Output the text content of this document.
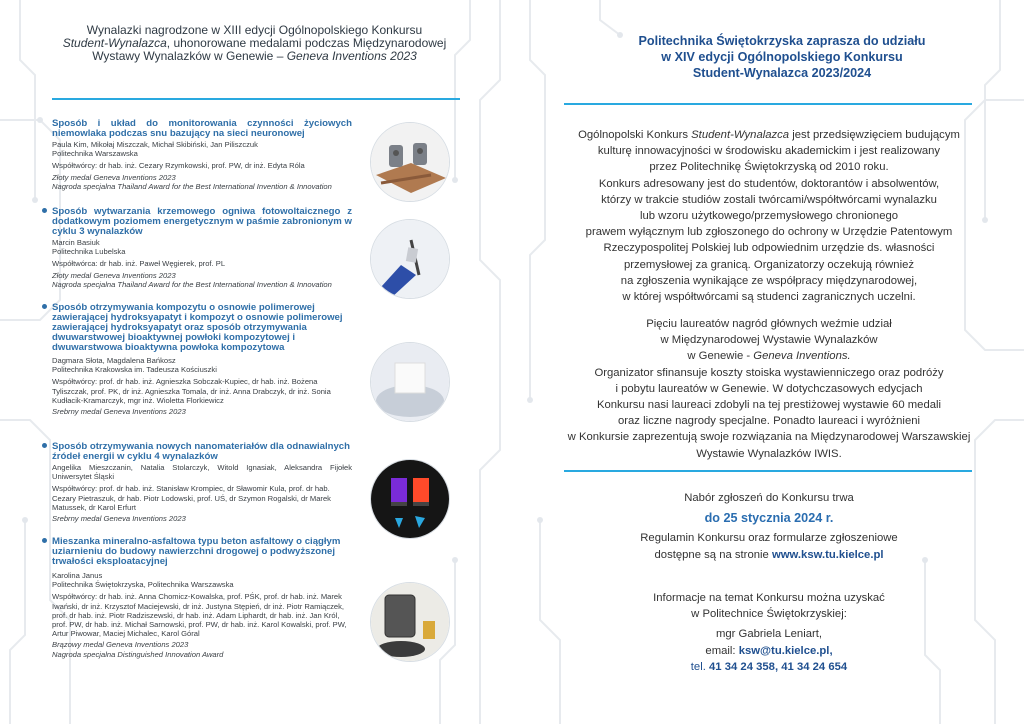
Wynalazki nagrodzone w XIII edycji Ogólnopolskiego Konkursu
Student-Wynalazca, uhonorowane medalami podczas Międzynarodowej
Wystawy Wynalazków w Genewie – Geneva Inventions 2023
Sposób i układ do monitorowania czynności życiowych niemowlaka podczas snu bazujący na sieci neuronowej
Paula Kim, Mikołaj Miszczak, Michał Skibiński, Jan Piliszczuk
Politechnika Warszawska
Współtwórcy: dr hab. inż. Cezary Rzymkowski, prof. PW, dr inż. Edyta Róla
Złoty medal Geneva Inventions 2023
Nagroda specjalna Thailand Award for the Best International Invention & Innovation
Sposób wytwarzania krzemowego ogniwa fotowoltaicznego z dodatkowym poziomem energetycznym w paśmie zabronionym w cyklu 3 wynalazków
Marcin Basiuk
Politechnika Lubelska
Współtwórca: dr hab. inż. Paweł Węgierek, prof. PL
Złoty medal Geneva Inventions 2023
Nagroda specjalna Thailand Award for the Best International Invention & Innovation
Sposób otrzymywania kompozytu o osnowie polimerowej zawierającej hydroksyapatyt i kompozyt o osnowie polimerowej zawierającej hydroksyapatyt oraz sposób otrzymywania dwuwarstwowej bioaktywnej powłoki kompozytowej i dwuwarstwowa bioaktywna powłoka kompozytowa
Dagmara Słota, Magdalena Bańkosz
Politechnika Krakowska im. Tadeusza Kościuszki
Współtwórcy: prof. dr hab. inż. Agnieszka Sobczak-Kupiec, dr hab. inż. Bożena Tyliszczak, prof. PK, dr inż. Agnieszka Tomala, dr inż. Anna Drabczyk, dr inż. Sonia Kudłacik-Kramarczyk, mgr inż. Wioletta Florkiewicz
Srebrny medal Geneva Inventions 2023
Sposób otrzymywania nowych nanomateriałów dla odnawialnych źródeł energii w cyklu 4 wynalazków
Angelika Mieszczanin, Natalia Stolarczyk, Witold Ignasiak, Aleksandra Fijołek Uniwersytet Śląski
Współtwórcy: prof. dr hab. inż. Stanisław Krompiec, dr Sławomir Kula, prof. dr hab. Cezary Pietraszuk, dr hab. Piotr Lodowski, prof. UŚ, dr Szymon Rogalski, dr Marek Matussek, dr Karol Erfurt
Srebrny medal Geneva Inventions 2023
Mieszanka mineralno-asfaltowa typu beton asfaltowy o ciągłym uziarnieniu do budowy nawierzchni drogowej o podwyższonej trwałości eksploatacyjnej
Karolina Janus
Politechnika Świętokrzyska, Politechnika Warszawska
Współtwórcy: dr hab. inż. Anna Chomicz-Kowalska, prof. PŚK, prof. dr hab. inż. Marek Iwański, dr inż. Krzysztof Maciejewski, dr inż. Justyna Stępień, dr inż. Piotr Ramiączek, prof. dr hab. inż. Piotr Radziszewski, dr hab. inż. Adam Liphardt, dr hab. inż. Jan Król, prof. PW, dr hab. inż. Michał Sarnowski, prof. PW, dr hab. inż. Karol Kowalski, prof. PW, Artur Piwowar, Maciej Michalec, Karol Góral
Brązowy medal Geneva Inventions 2023
Nagroda specjalna Distinguished Innovation Award
Politechnika Świętokrzyska zaprasza do udziału
w XIV edycji Ogólnopolskiego Konkursu
Student-Wynalazca 2023/2024
Ogólnopolski Konkurs Student-Wynalazca jest przedsięwzięciem budującym
kulturę innowacyjności w środowisku akademickim i jest realizowany
przez Politechnikę Świętokrzyską od 2010 roku.
Konkurs adresowany jest do studentów, doktorantów i absolwentów,
którzy w trakcie studiów zostali twórcami/współtwórcami wynalazku
lub wzoru użytkowego/przemysłowego chronionego
prawem wyłącznym lub zgłoszonego do ochrony w Urzędzie Patentowym
Rzeczypospolitej Polskiej lub odpowiednim urzędzie ds. własności
przemysłowej za granicą. Organizatorzy oczekują również
na zgłoszenia wynikające ze współpracy międzynarodowej,
w której współtwórcami są studenci zagranicznych uczelni.
Pięciu laureatów nagród głównych weźmie udział
w Międzynarodowej Wystawie Wynalazków
w Genewie - Geneva Inventions.
Organizator sfinansuje koszty stoiska wystawienniczego oraz podróży
i pobytu laureatów w Genewie. W dotychczasowych edycjach
Konkursu nasi laureaci zdobyli na tej prestiżowej wystawie 60 medali
oraz liczne nagrody specjalne. Ponadto laureaci i wyróżnieni
w Konkursie zaprezentują swoje rozwiązania na Międzynarodowej Warszawskiej
Wystawie Wynalazków IWIS.
Nabór zgłoszeń do Konkursu trwa
do 25 stycznia 2024 r.
Regulamin Konkursu oraz formularze zgłoszeniowe
dostępne są na stronie www.ksw.tu.kielce.pl
Informacje na temat Konkursu można uzyskać
w Politechnice Świętokrzyskiej:
mgr Gabriela Leniart,
email: ksw@tu.kielce.pl,
tel. 41 34 24 358, 41 34 24 654
